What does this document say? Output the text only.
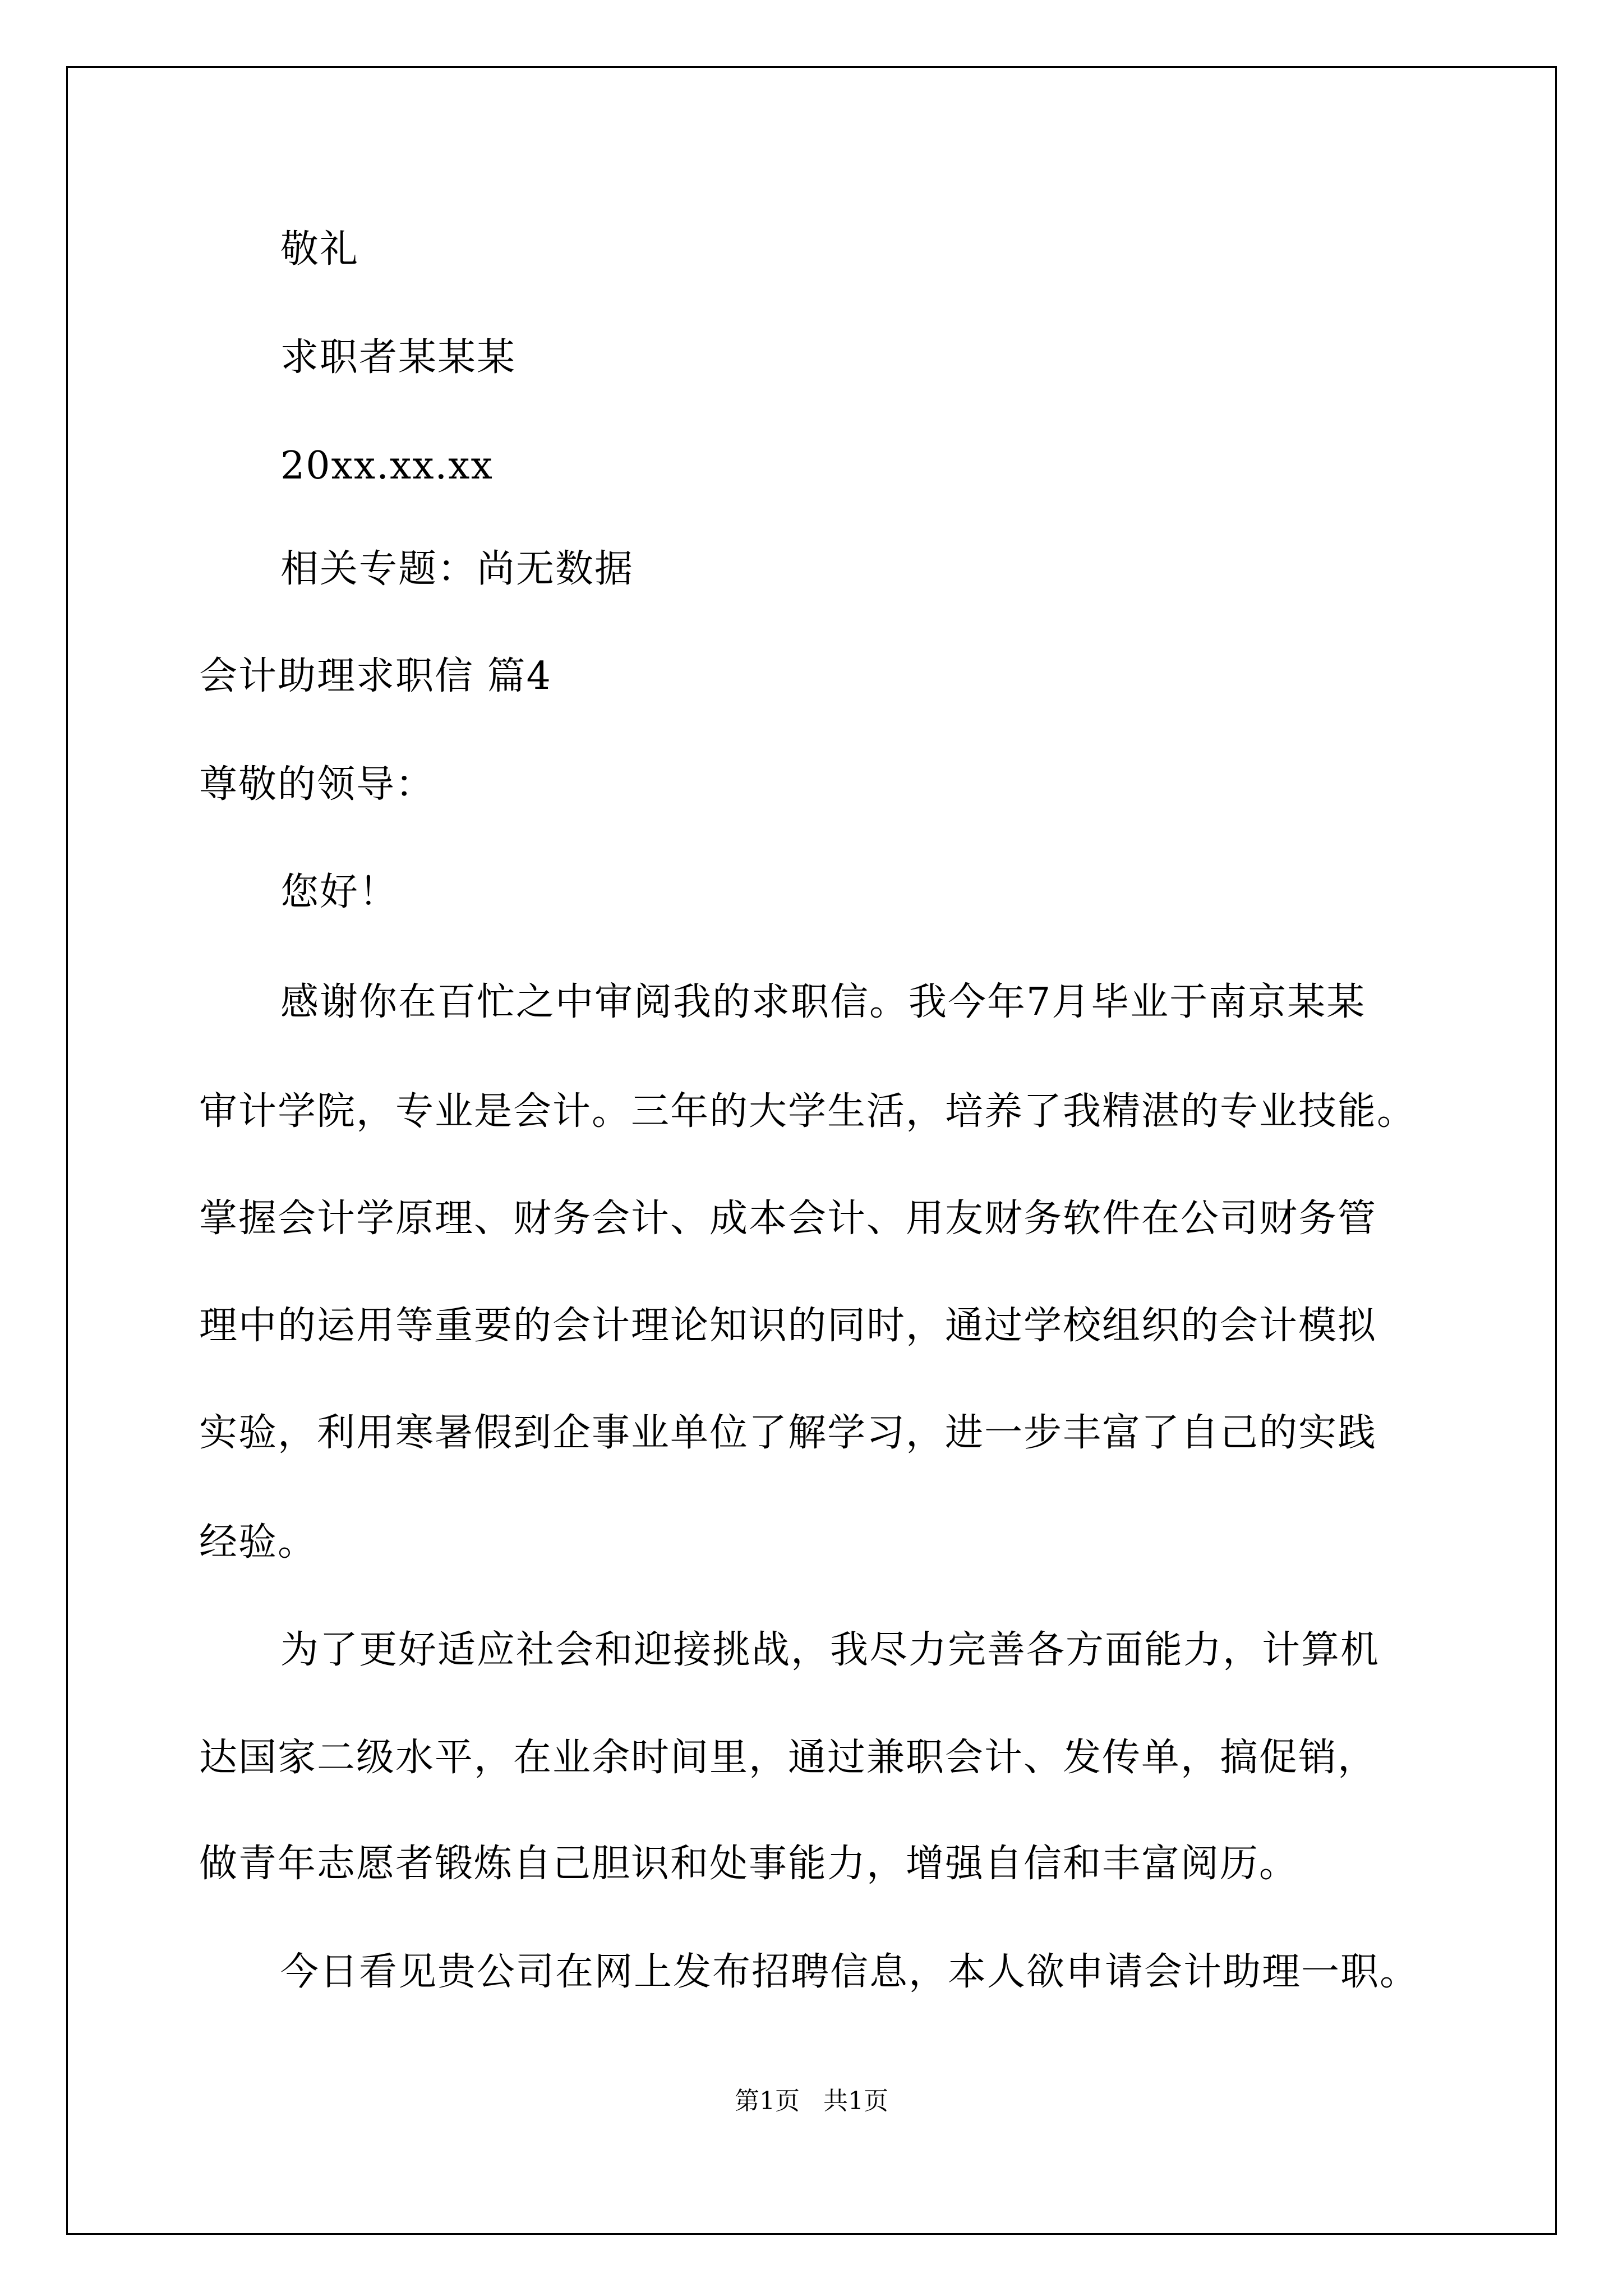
敬礼
求职者某某某
20xx.xx.xx
相关专题：尚无数据
会计助理求职信 篇4
尊敬的领导：
您好！
感谢你在百忙之中审阅我的求职信。我今年7月毕业于南京某某
审计学院，专业是会计。三年的大学生活，培养了我精湛的专业技能。
掌握会计学原理、财务会计、成本会计、用友财务软件在公司财务管
理中的运用等重要的会计理论知识的同时，通过学校组织的会计模拟
实验，利用寒暑假到企事业单位了解学习，进一步丰富了自己的实践
经验。
为了更好适应社会和迎接挑战，我尽力完善各方面能力，计算机
达国家二级水平，在业余时间里，通过兼职会计、发传单，搞促销，
做青年志愿者锻炼自己胆识和处事能力，增强自信和丰富阅历。
今日看见贵公司在网上发布招聘信息，本人欲申请会计助理一职。
第1页   共1页
